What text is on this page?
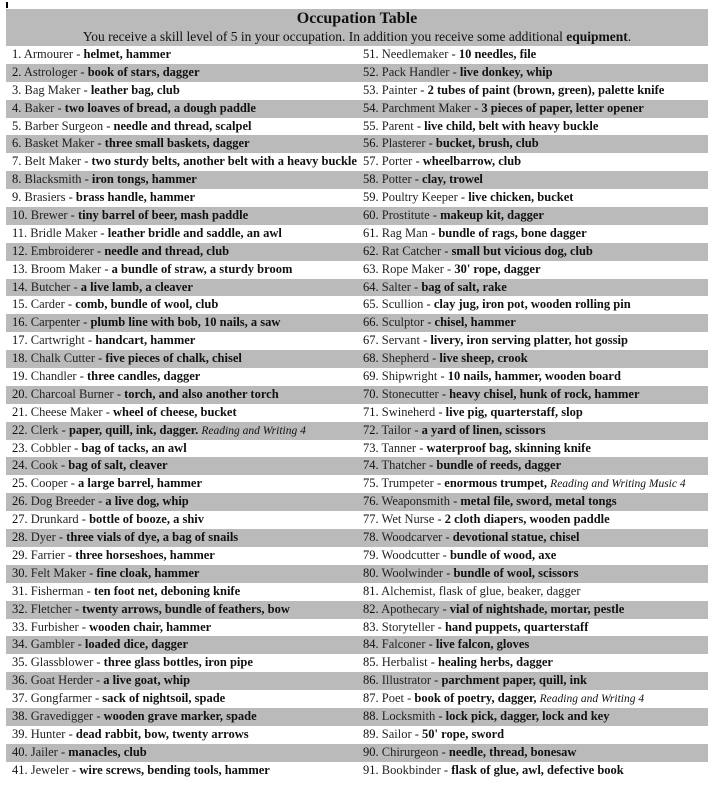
Occupation Table
You receive a skill level of 5 in your occupation. In addition you receive some additional equipment.
1. Armourer - helmet, hammer	51. Needlemaker - 10 needles, file
2. Astrologer - book of stars, dagger	52. Pack Handler - live donkey, whip
3. Bag Maker - leather bag, club	53. Painter - 2 tubes of paint (brown, green), palette knife
4. Baker - two loaves of bread, a dough paddle	54. Parchment Maker - 3 pieces of paper, letter opener
5. Barber Surgeon - needle and thread, scalpel	55. Parent - live child, belt with heavy buckle
6. Basket Maker - three small baskets, dagger	56. Plasterer - bucket, brush, club
7. Belt Maker - two sturdy belts, another belt with a heavy buckle 57. Porter - wheelbarrow, club
8. Blacksmith - iron tongs, hammer	58. Potter - clay, trowel
9. Brasiers - brass handle, hammer	59. Poultry Keeper - live chicken, bucket
10. Brewer - tiny barrel of beer, mash paddle	60. Prostitute - makeup kit, dagger
11. Bridle Maker - leather bridle and saddle, an awl	61. Rag Man - bundle of rags, bone dagger
12. Embroiderer - needle and thread, club	62. Rat Catcher - small but vicious dog, club
13. Broom Maker - a bundle of straw, a sturdy broom	63. Rope Maker - 30' rope, dagger
14. Butcher - a live lamb, a cleaver	64. Salter - bag of salt, rake
15. Carder - comb, bundle of wool, club	65. Scullion - clay jug, iron pot, wooden rolling pin
16. Carpenter - plumb line with bob, 10 nails, a saw	66. Sculptor - chisel, hammer
17. Cartwright - handcart, hammer	67. Servant - livery, iron serving platter, hot gossip
18. Chalk Cutter - five pieces of chalk, chisel	68. Shepherd - live sheep, crook
19. Chandler - three candles, dagger	69. Shipwright - 10 nails, hammer, wooden board
20. Charcoal Burner - torch, and also another torch	70. Stonecutter - heavy chisel, hunk of rock, hammer
21. Cheese Maker - wheel of cheese, bucket	71. Swineherd - live pig, quarterstaff, slop
22. Clerk - paper, quill, ink, dagger. Reading and Writing 4	72. Tailor - a yard of linen, scissors
23. Cobbler - bag of tacks, an awl	73. Tanner - waterproof bag, skinning knife
24. Cook - bag of salt, cleaver	74. Thatcher - bundle of reeds, dagger
25. Cooper - a large barrel, hammer	75. Trumpeter - enormous trumpet, Reading and Writing Music 4
26. Dog Breeder - a live dog, whip	76. Weaponsmith - metal file, sword, metal tongs
27. Drunkard - bottle of booze, a shiv	77. Wet Nurse - 2 cloth diapers, wooden paddle
28. Dyer - three vials of dye, a bag of snails	78. Woodcarver - devotional statue, chisel
29. Farrier - three horseshoes, hammer	79. Woodcutter - bundle of wood, axe
30. Felt Maker - fine cloak, hammer	80. Woolwinder - bundle of wool, scissors
31. Fisherman - ten foot net, deboning knife	81. Alchemist, flask of glue, beaker, dagger
32. Fletcher - twenty arrows, bundle of feathers, bow	82. Apothecary - vial of nightshade, mortar, pestle
33. Furbisher - wooden chair, hammer	83. Storyteller - hand puppets, quarterstaff
34. Gambler - loaded dice, dagger	84. Falconer - live falcon, gloves
35. Glassblower - three glass bottles, iron pipe	85. Herbalist - healing herbs, dagger
36. Goat Herder - a live goat, whip	86. Illustrator - parchment paper, quill, ink
37. Gongfarmer - sack of nightsoil, spade	87. Poet - book of poetry, dagger, Reading and Writing 4
38. Gravedigger - wooden grave marker, spade	88. Locksmith - lock pick, dagger, lock and key
39. Hunter - dead rabbit, bow, twenty arrows	89. Sailor - 50' rope, sword
40. Jailer - manacles, club	90. Chirurgeon - needle, thread, bonesaw
41. Jeweler - wire screws, bending tools, hammer	91. Bookbinder - flask of glue, awl, defective book
